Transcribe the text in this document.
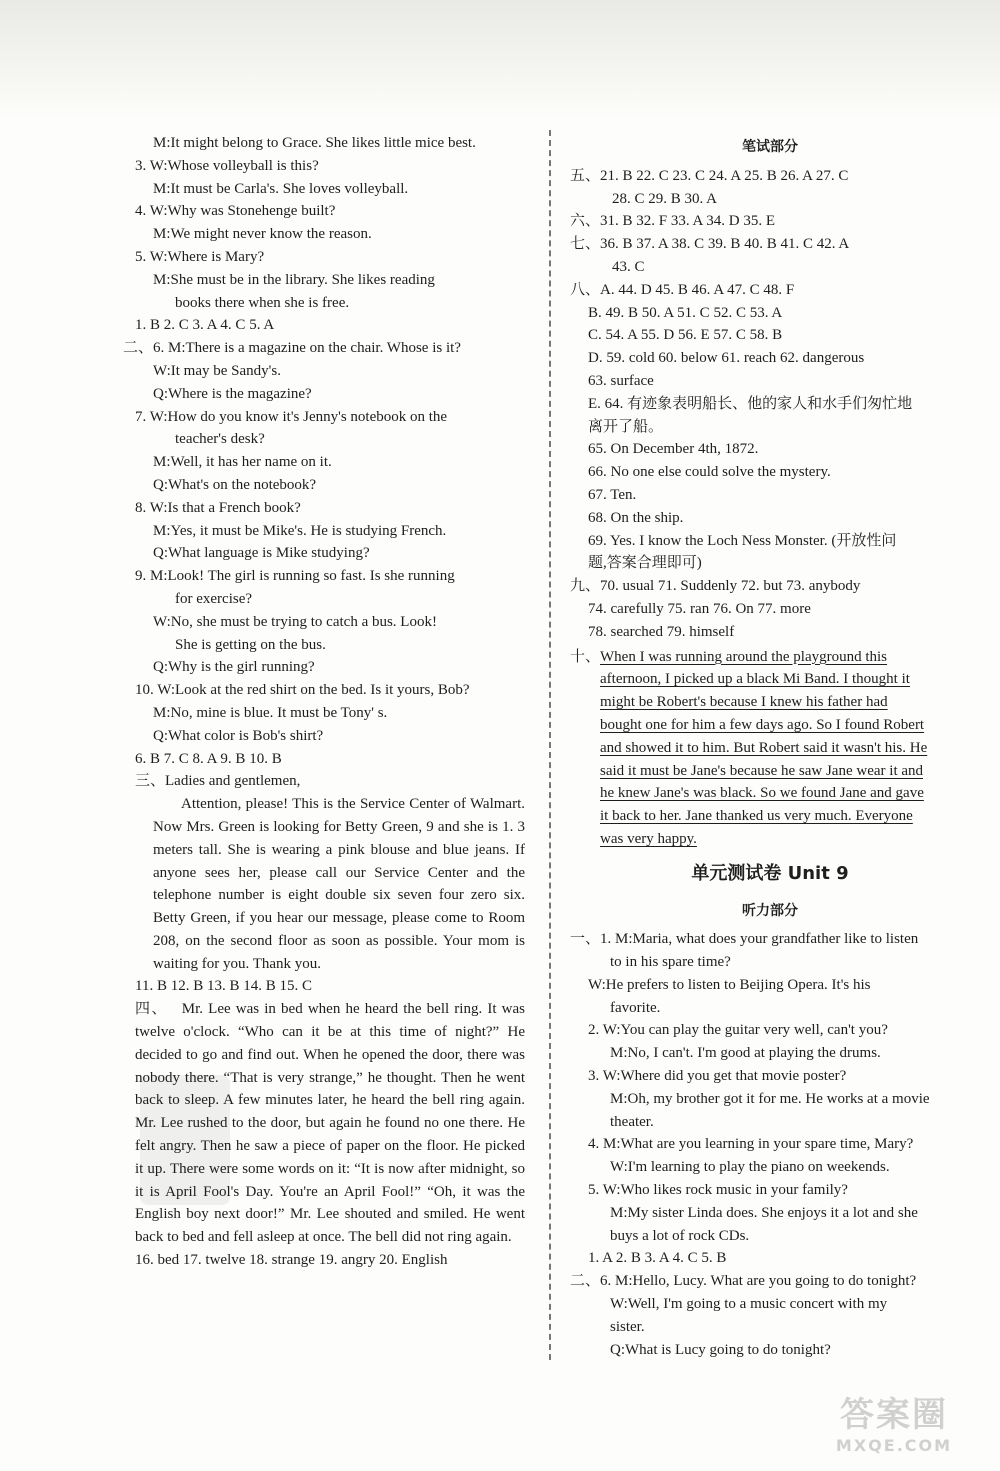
M:It might belong to Grace. She likes little mice best.
3. W:Whose volleyball is this?
M:It must be Carla's. She loves volleyball.
4. W:Why was Stonehenge built?
M:We might never know the reason.
5. W:Where is Mary?
M:She must be in the library. She likes reading
books there when she is free.
1. B 2. C 3. A 4. C 5. A
二、6. M:There is a magazine on the chair. Whose is it?
W:It may be Sandy's.
Q:Where is the magazine?
7. W:How do you know it's Jenny's notebook on the
teacher's desk?
M:Well, it has her name on it.
Q:What's on the notebook?
8. W:Is that a French book?
M:Yes, it must be Mike's. He is studying French.
Q:What language is Mike studying?
9. M:Look! The girl is running so fast. Is she running
for exercise?
W:No, she must be trying to catch a bus. Look!
She is getting on the bus.
Q:Why is the girl running?
10. W:Look at the red shirt on the bed. Is it yours, Bob?
M:No, mine is blue. It must be Tony' s.
Q:What color is Bob's shirt?
6. B 7. C 8. A 9. B 10. B
三、Ladies and gentlemen,
Attention, please! This is the Service Center of Walmart. Now Mrs. Green is looking for Betty Green, 9 and she is 1. 3 meters tall. She is wearing a pink blouse and blue jeans. If anyone sees her, please call our Service Center and the telephone number is eight double six seven four zero six. Betty Green, if you hear our message, please come to Room 208, on the second floor as soon as possible. Your mom is waiting for you. Thank you.
11. B 12. B 13. B 14. B 15. C
四、 Mr. Lee was in bed when he heard the bell ring. It was twelve o'clock. “Who can it be at this time of night?” He decided to go and find out. When he opened the door, there was nobody there. “That is very strange,” he thought. Then he went back to sleep. A few minutes later, he heard the bell ring again. Mr. Lee rushed to the door, but again he found no one there. He felt angry. Then he saw a piece of paper on the floor. He picked it up. There were some words on it: “It is now after midnight, so it is April Fool's Day. You're an April Fool!” “Oh, it was the English boy next door!” Mr. Lee shouted and smiled. He went back to bed and fell asleep at once. The bell did not ring again.
16. bed 17. twelve 18. strange 19. angry 20. English
笔试部分
五、21. B 22. C 23. C 24. A 25. B 26. A 27. C
28. C 29. B 30. A
六、31. B 32. F 33. A 34. D 35. E
七、36. B 37. A 38. C 39. B 40. B 41. C 42. A
43. C
八、A. 44. D 45. B 46. A 47. C 48. F
B. 49. B 50. A 51. C 52. C 53. A
C. 54. A 55. D 56. E 57. C 58. B
D. 59. cold 60. below 61. reach 62. dangerous
63. surface
E. 64. 有迹象表明船长、他的家人和水手们匆忙地
离开了船。
65. On December 4th, 1872.
66. No one else could solve the mystery.
67. Ten.
68. On the ship.
69. Yes. I know the Loch Ness Monster. (开放性问
题,答案合理即可)
九、70. usual 71. Suddenly 72. but 73. anybody
74. carefully 75. ran 76. On 77. more
78. searched 79. himself
十、 When I was running around the playground this
afternoon, I picked up a black Mi Band. I thought it
might be Robert's because I knew his father had
bought one for him a few days ago. So I found Robert
and showed it to him. But Robert said it wasn't his. He
said it must be Jane's because he saw Jane wear it and
he knew Jane's was black. So we found Jane and gave
it back to her. Jane thanked us very much. Everyone
was very happy.
单元测试卷 Unit 9
听力部分
一、1. M:Maria, what does your grandfather like to listen
to in his spare time?
W:He prefers to listen to Beijing Opera. It's his
favorite.
2. W:You can play the guitar very well, can't you?
M:No, I can't. I'm good at playing the drums.
3. W:Where did you get that movie poster?
M:Oh, my brother got it for me. He works at a movie
theater.
4. M:What are you learning in your spare time, Mary?
W:I'm learning to play the piano on weekends.
5. W:Who likes rock music in your family?
M:My sister Linda does. She enjoys it a lot and she
buys a lot of rock CDs.
1. A 2. B 3. A 4. C 5. B
二、6. M:Hello, Lucy. What are you going to do tonight?
W:Well, I'm going to a music concert with my
sister.
Q:What is Lucy going to do tonight?
答案圈
MXQE.COM
